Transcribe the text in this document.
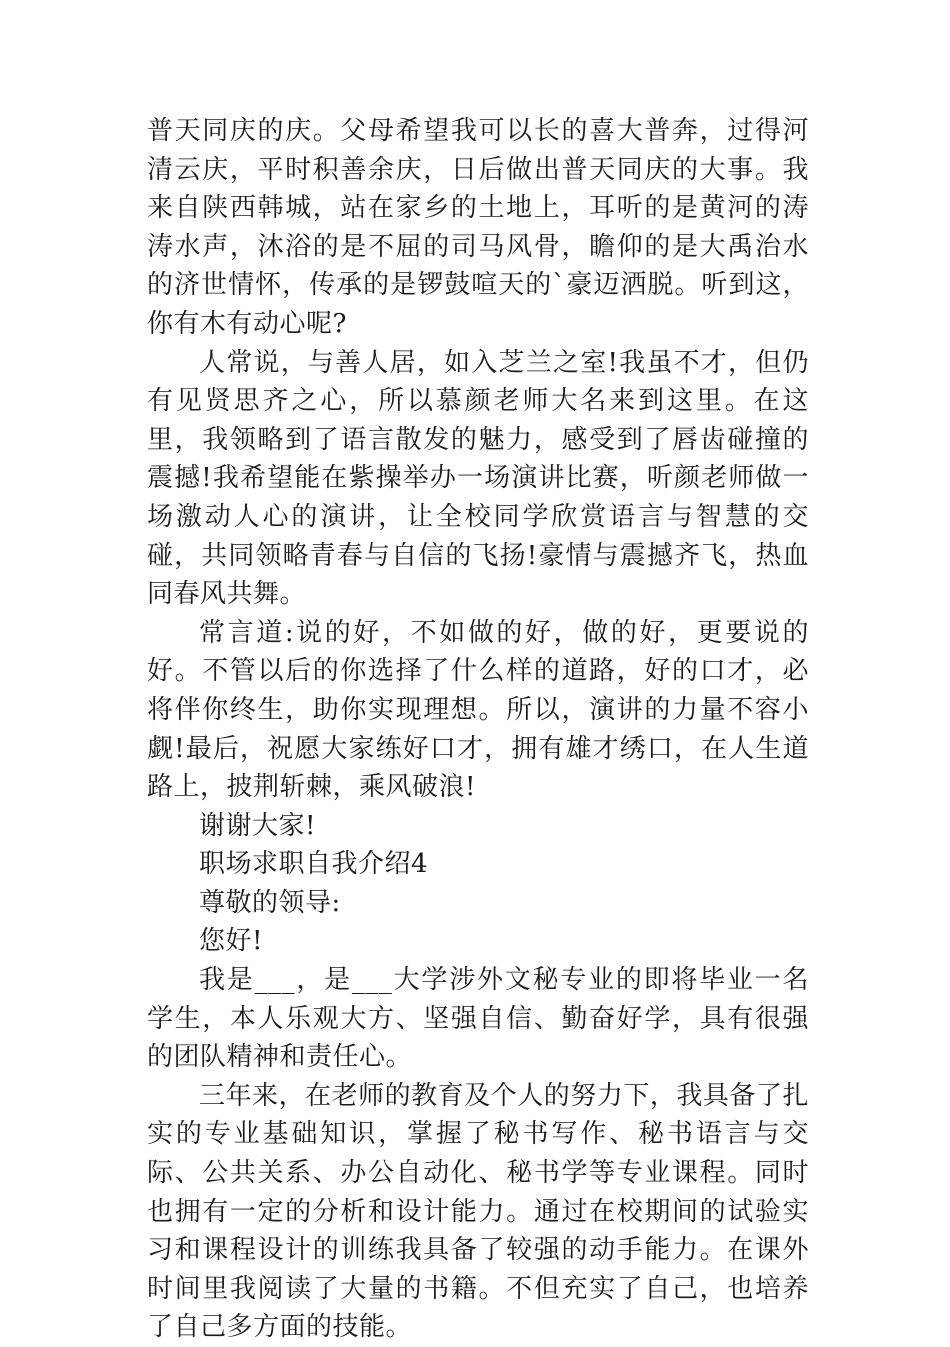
普天同庆的庆。父母希望我可以长的喜大普奔，过得河清云庆，平时积善余庆，日后做出普天同庆的大事。我来自陕西韩城，站在家乡的土地上，耳听的是黄河的涛涛水声，沐浴的是不屈的司马风骨，瞻仰的是大禹治水的济世情怀，传承的是锣鼓喧天的`豪迈洒脱。听到这，你有木有动心呢?

人常说，与善人居，如入芝兰之室!我虽不才，但仍有见贤思齐之心，所以慕颜老师大名来到这里。在这里，我领略到了语言散发的魅力，感受到了唇齿碰撞的震撼!我希望能在紫操举办一场演讲比赛，听颜老师做一场激动人心的演讲，让全校同学欣赏语言与智慧的交碰，共同领略青春与自信的飞扬!豪情与震撼齐飞，热血同春风共舞。

常言道:说的好，不如做的好，做的好，更要说的好。不管以后的你选择了什么样的道路，好的口才，必将伴你终生，助你实现理想。所以，演讲的力量不容小觑!最后，祝愿大家练好口才，拥有雄才绣口，在人生道路上，披荆斩棘，乘风破浪!

谢谢大家!

职场求职自我介绍4

尊敬的领导:

您好!

我是___，是___大学涉外文秘专业的即将毕业一名学生，本人乐观大方、坚强自信、勤奋好学，具有很强的团队精神和责任心。

三年来，在老师的教育及个人的努力下，我具备了扎实的专业基础知识，掌握了秘书写作、秘书语言与交际、公共关系、办公自动化、秘书学等专业课程。同时也拥有一定的分析和设计能力。通过在校期间的试验实习和课程设计的训练我具备了较强的动手能力。在课外时间里我阅读了大量的书籍。不但充实了自己，也培养了自己多方面的技能。
